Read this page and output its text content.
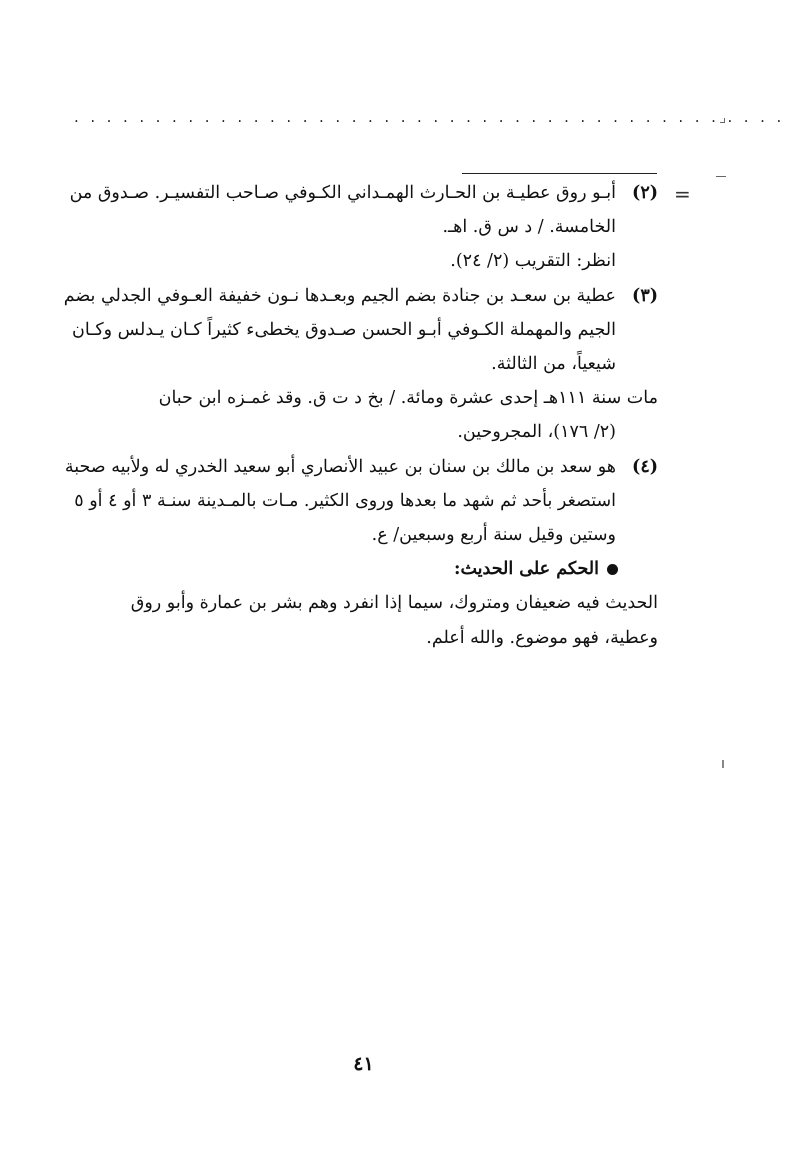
. . . . . . . . . . . . . . . . . . . . . . . . . . . . . . . . . . . . . . . . . . . .
=
(٢)
أبـو روق عطيـة بن الحـارث الهمـداني الكـوفي صـاحب التفسيـر. صـدوق من
الخامسة. / د س ق. اهـ.
انظر: التقريب (٢/ ٢٤).
(٣)
عطية بن سعـد بن جنادة بضم الجيم وبعـدها نـون خفيفة العـوفي الجدلي بضم
الجيم والمهملة الكـوفي أبـو الحسن صـدوق يخطىء كثيراً كـان يـدلس وكـان
شيعياً، من الثالثة.
مات سنة ١١١هـ إحدى عشرة ومائة. / بخ د ت ق. وقد غمـزه ابن حبان
(٢/ ١٧٦)، المجروحين.
(٤)
هو سعد بن مالك بن سنان بن عبيد الأنصاري أبو سعيد الخدري له ولأبيه صحبة
استصغر بأحد ثم شهد ما بعدها وروى الكثير. مـات بالمـدينة سنـة ٣ أو ٤ أو ٥
وستين وقيل سنة أربع وسبعين/ ع.
الحكم على الحديث:
الحديث فيه ضعيفان ومتروك، سيما إذا انفرد وهم بشر بن عمارة وأبو روق
وعطية، فهو موضوع. والله أعلم.
٤١
